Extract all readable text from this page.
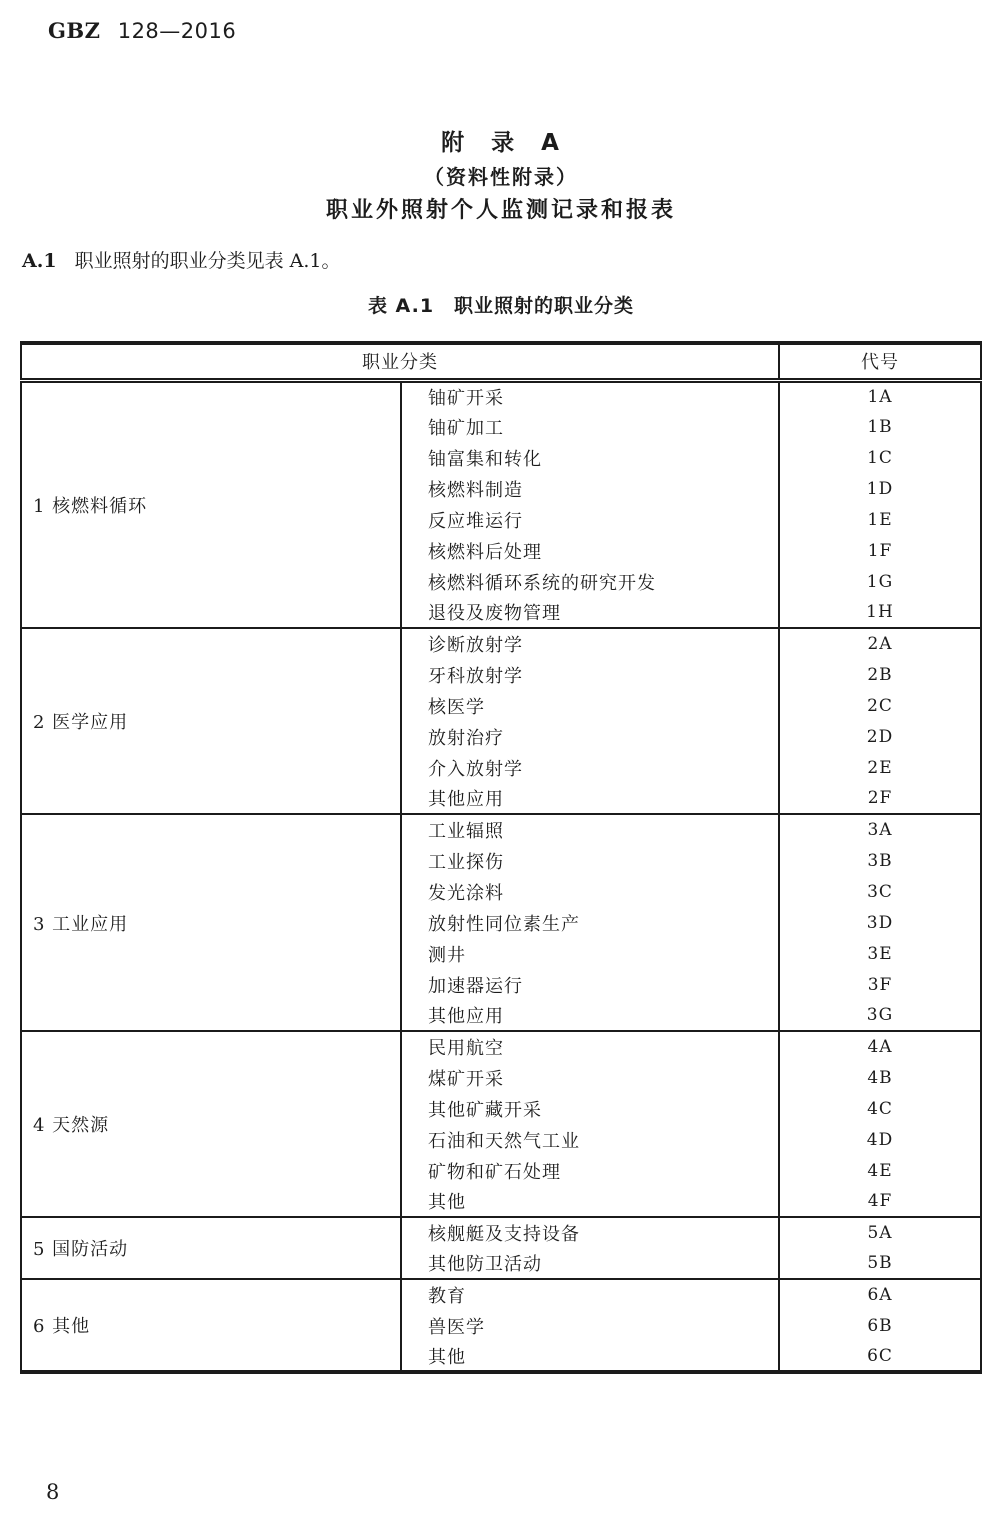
GBZ 128—2016
附　录　A
（资料性附录）
职业外照射个人监测记录和报表
A.1 职业照射的职业分类见表 A.1。
表 A.1　职业照射的职业分类
职业分类		代号
1 核燃料循环	铀矿开采	1A
	铀矿加工	1B
	铀富集和转化	1C
	核燃料制造	1D
	反应堆运行	1E
	核燃料后处理	1F
	核燃料循环系统的研究开发	1G
	退役及废物管理	1H
2 医学应用	诊断放射学	2A
	牙科放射学	2B
	核医学	2C
	放射治疗	2D
	介入放射学	2E
	其他应用	2F
3 工业应用	工业辐照	3A
	工业探伤	3B
	发光涂料	3C
	放射性同位素生产	3D
	测井	3E
	加速器运行	3F
	其他应用	3G
4 天然源	民用航空	4A
	煤矿开采	4B
	其他矿藏开采	4C
	石油和天然气工业	4D
	矿物和矿石处理	4E
	其他	4F
5 国防活动	核舰艇及支持设备	5A
	其他防卫活动	5B
6 其他	教育	6A
	兽医学	6B
	其他	6C
8
